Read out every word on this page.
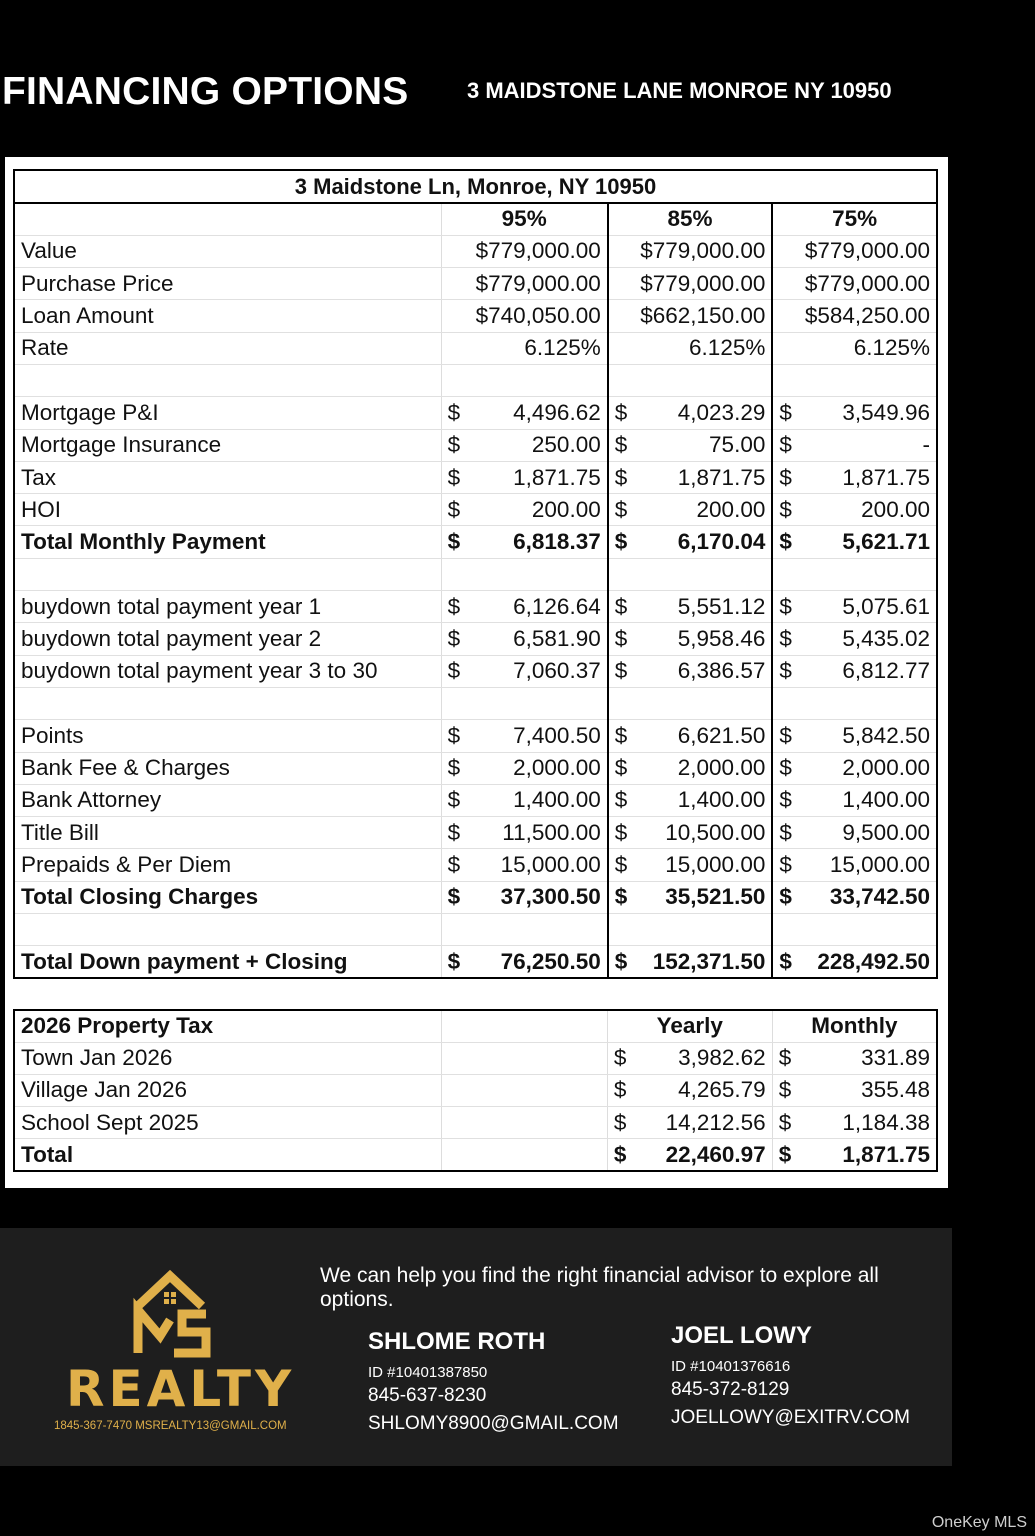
FINANCING OPTIONS	3 MAIDSTONE LANE MONROE NY 10950
3 Maidstone Ln, Monroe, NY 10950			
	95%	85%	75%
Value	$779,000.00	$779,000.00	$779,000.00
Purchase Price	$779,000.00	$779,000.00	$779,000.00
Loan Amount	$740,050.00	$662,150.00	$584,250.00
Rate	6.125%	6.125%	6.125%

Mortgage P&I	$ 4,496.62	$ 4,023.29	$ 3,549.96

Mortgage Insurance	$ 250.00	$ 75.00	$ -

Tax	$ 1,871.75	$ 1,871.75	$ 1,871.75

HOI	$ 200.00	$ 200.00	$ 200.00

Total Monthly Payment	$ 6,818.37	$ 6,170.04	$ 5,621.71

buydown total payment year 1	$ 6,126.64	$ 5,551.12	$ 5,075.61

buydown total payment year 2	$ 6,581.90	$ 5,958.46	$ 5,435.02

buydown total payment year 3 to 30	$ 7,060.37	$ 6,386.57	$ 6,812.77

Points	$ 7,400.50	$ 6,621.50	$ 5,842.50

Bank Fee & Charges	$ 2,000.00	$ 2,000.00	$ 2,000.00

Bank Attorney	$ 1,400.00	$ 1,400.00	$ 1,400.00

Title Bill	$ 11,500.00	$ 10,500.00	$ 9,500.00

Prepaids & Per Diem	$ 15,000.00	$ 15,000.00	$ 15,000.00

Total Closing Charges	$ 37,300.50	$ 35,521.50	$ 33,742.50

Total Down payment + Closing	$ 76,250.50	$ 152,371.50	$ 228,492.50
2026 Property Tax		Yearly	Monthly
Town Jan 2026		$ 3,982.62	$ 331.89

Village Jan 2026		$ 4,265.79	$ 355.48

School Sept 2025		$ 14,212.56	$ 1,184.38

Total		$ 22,460.97	$ 1,871.75
REALTY
1845-367-7470 MSREALTY13@GMAIL.COM
We can help you find the right financial advisor to explore all options.
SHLOME ROTH
ID #10401387850
845-637-8230
SHLOMY8900@GMAIL.COM
JOEL LOWY
ID #10401376616
845-372-8129
JOELLOWY@EXITRV.COM
OneKey MLS
